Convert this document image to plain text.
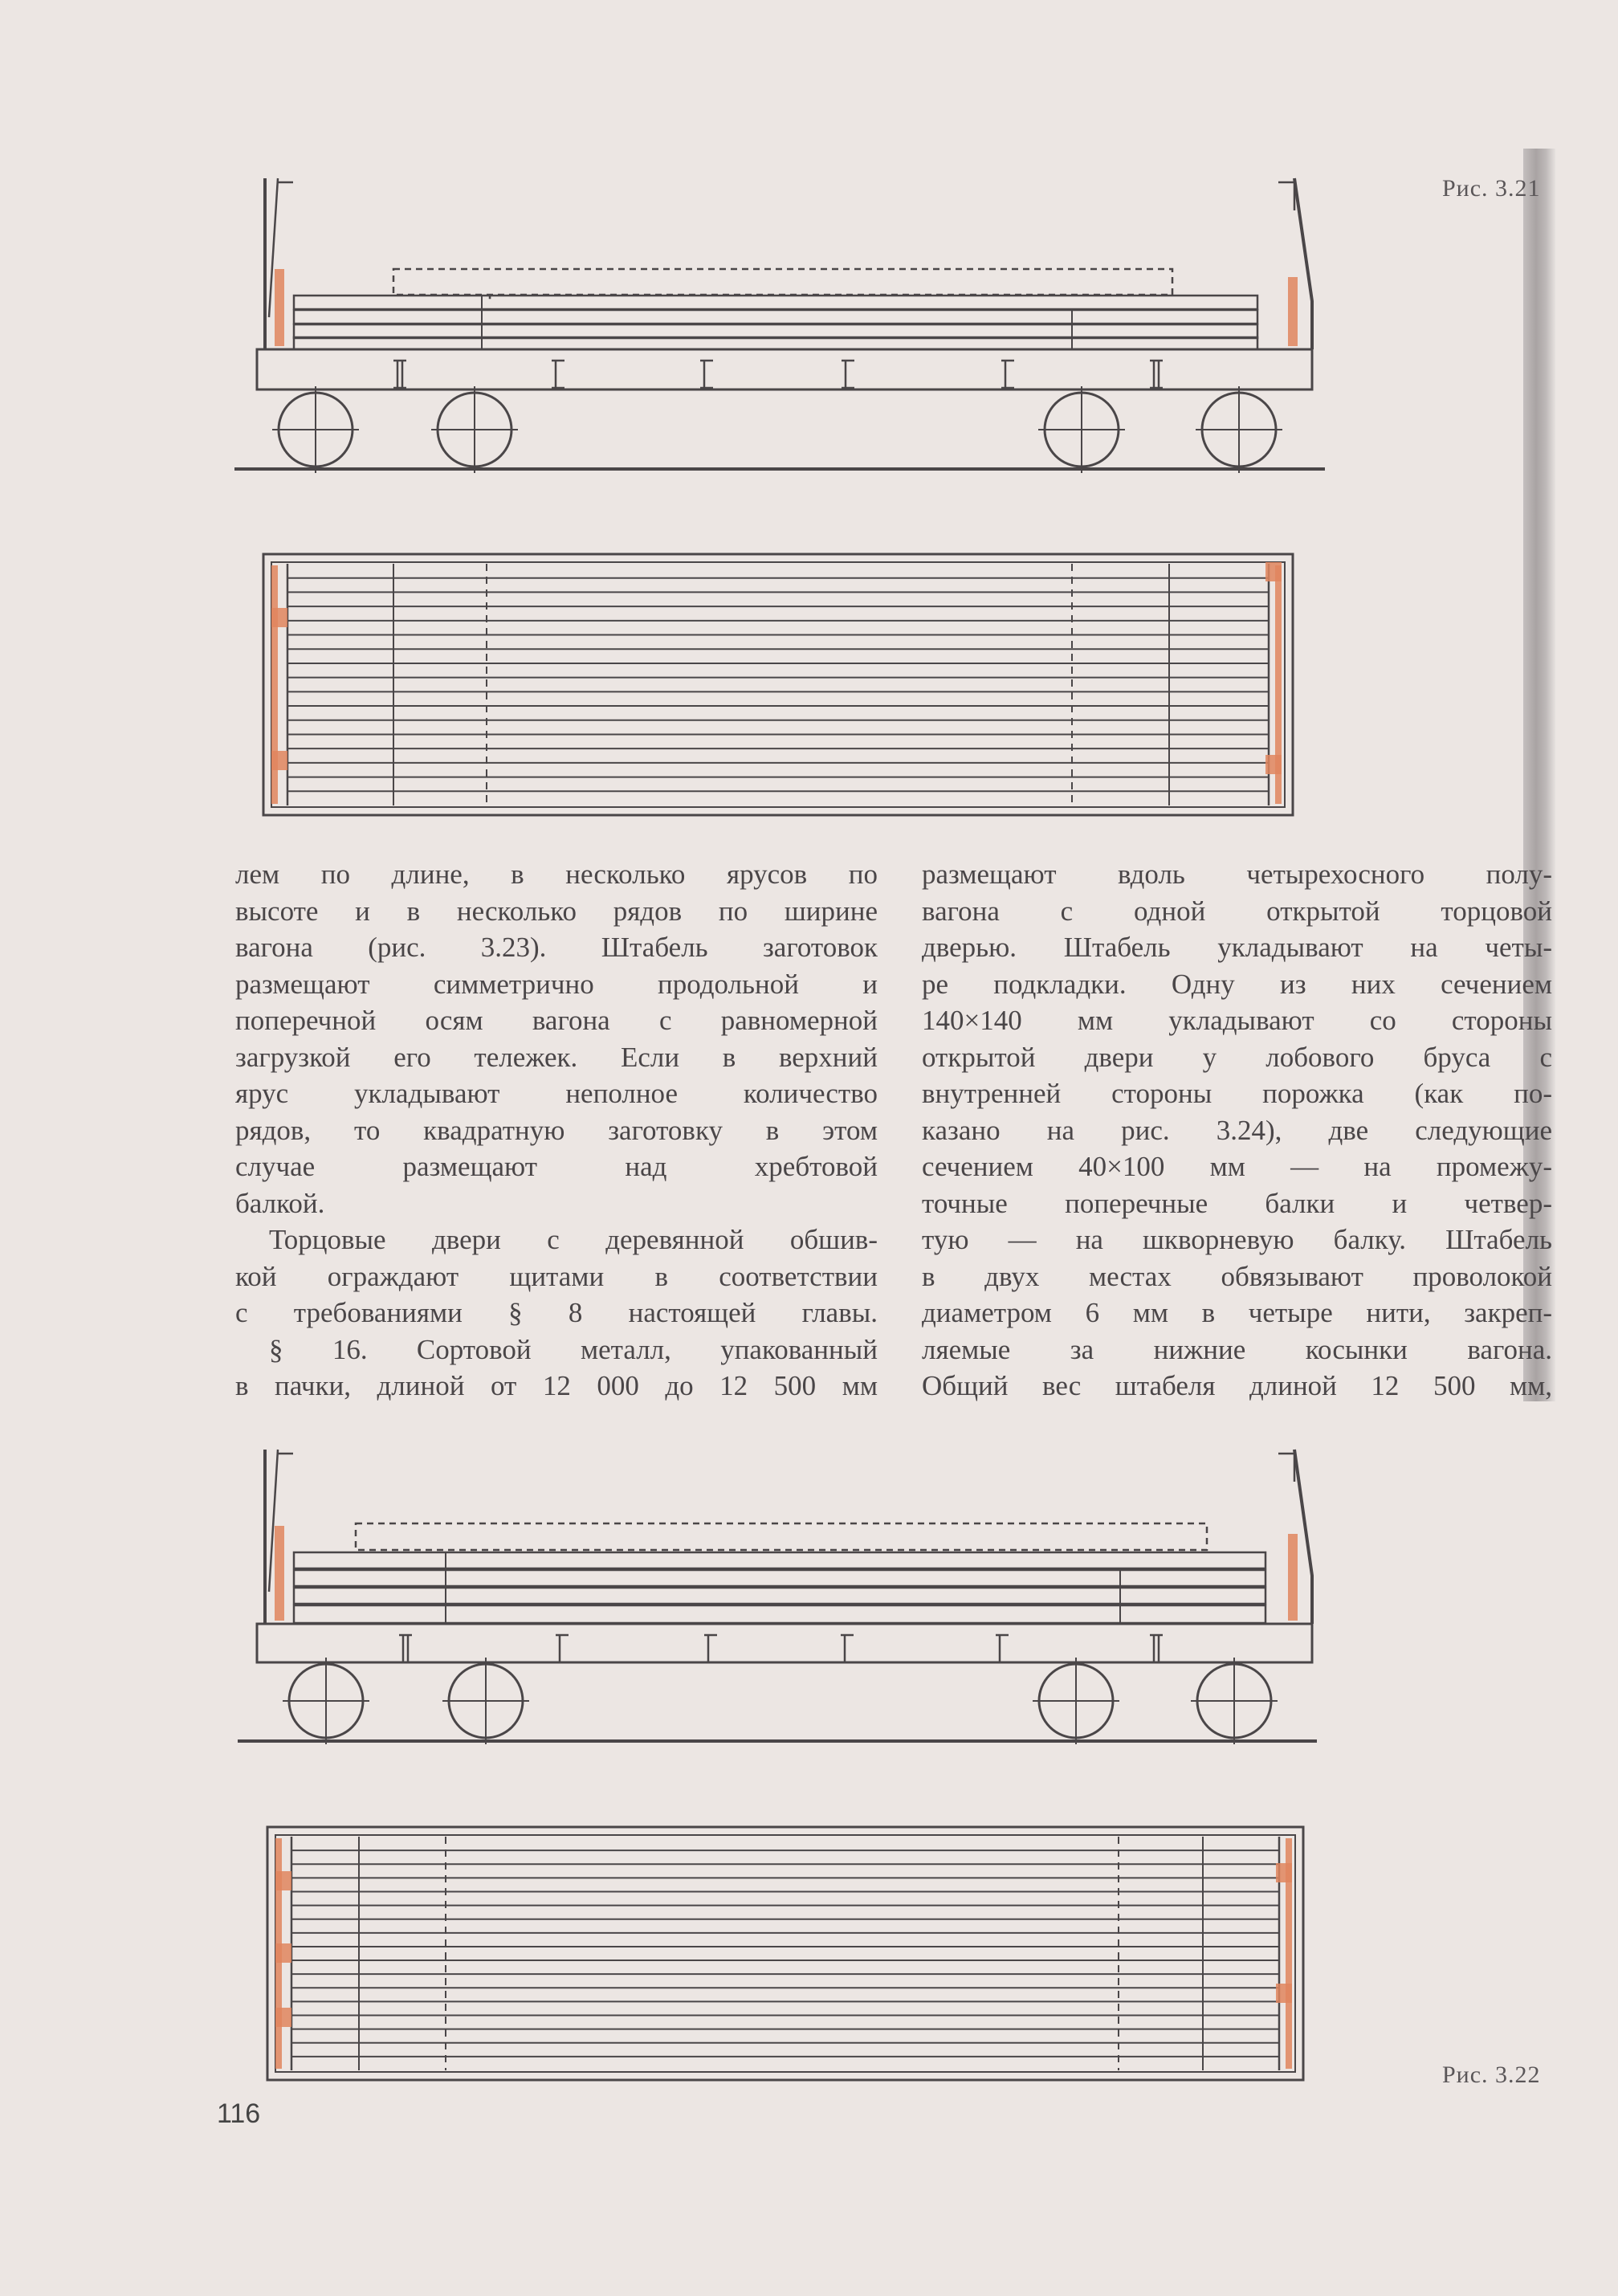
Рис. 3.21
Рис. 3.22

лем по длине, в несколько ярусов по

высоте и в несколько рядов по ширине

вагона (рис. 3.23). Штабель заготовок

размещают симметрично продольной и

поперечной осям вагона с равномерной

загрузкой его тележек. Если в верхний

ярус укладывают неполное количество

рядов, то квадратную заготовку в этом

случае размещают над хребтовой

балкой.

Торцовые двери с деревянной обшив-

кой ограждают щитами в соответствии

с требованиями § 8 настоящей главы.

§ 16. Сортовой металл, упакованный

в пачки, длиной от 12 000 до 12 500 мм

размещают вдоль четырехосного полу-

вагона с одной открытой торцовой

дверью. Штабель укладывают на четы-

ре подкладки. Одну из них сечением

140×140 мм укладывают со стороны

открытой двери у лобового бруса с

внутренней стороны порожка (как по-

казано на рис. 3.24), две следующие

сечением 40×100 мм — на промежу-

точные поперечные балки и четвер-

тую — на шкворневую балку. Штабель

в двух местах обвязывают проволокой

диаметром 6 мм в четыре нити, закреп-

ляемые за нижние косынки вагона.

Общий вес штабеля длиной 12 500 мм,

116
